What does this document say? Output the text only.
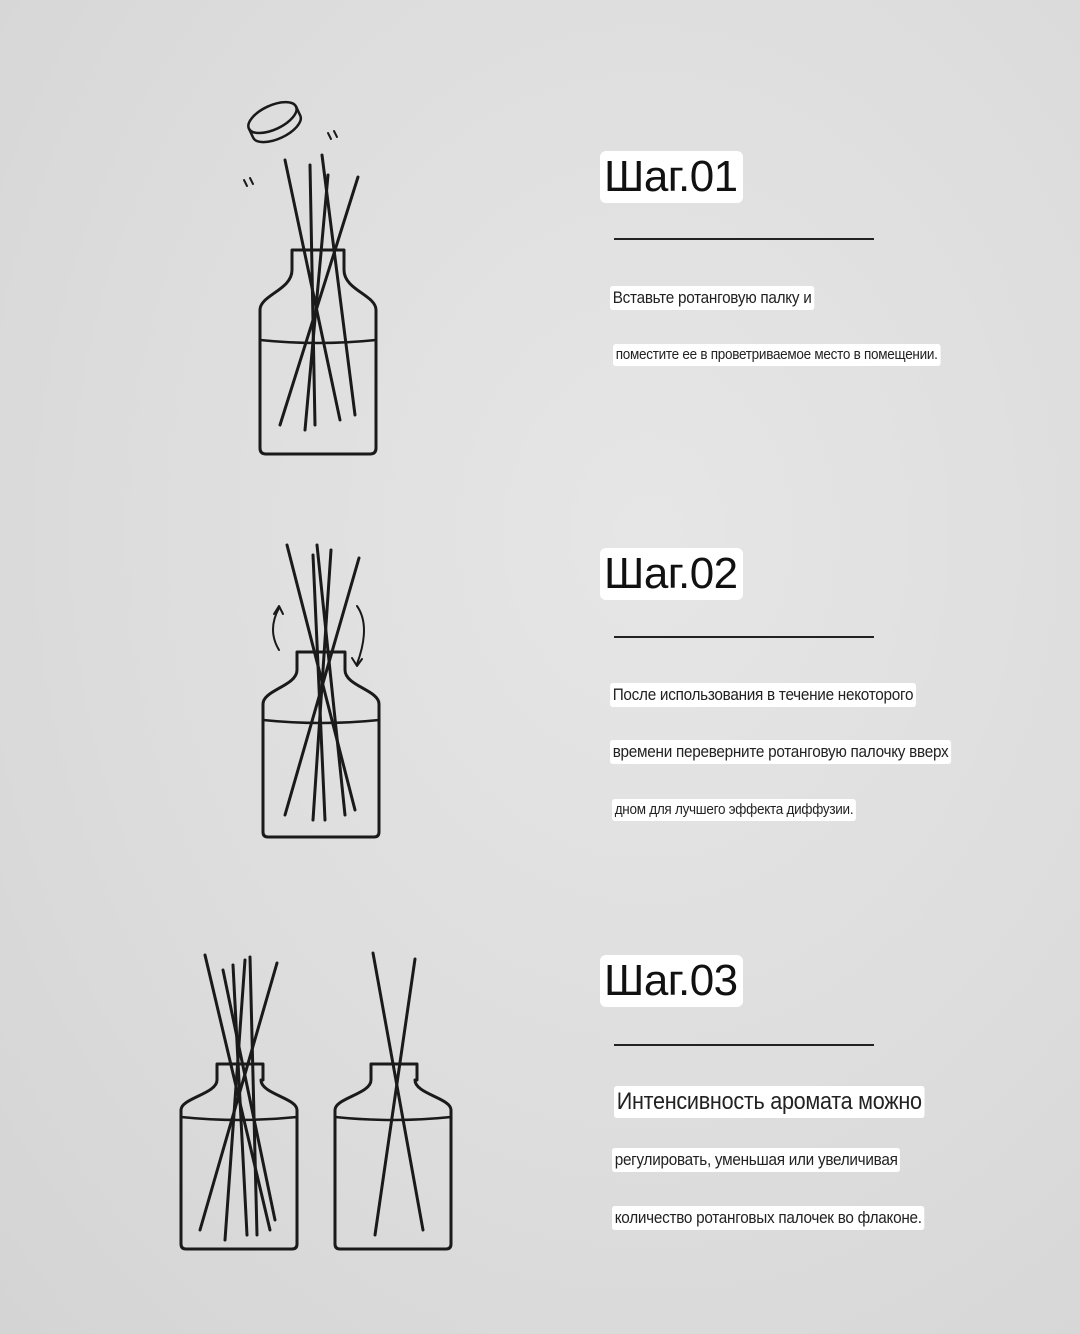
Шаг.01
Вставьте ротанговую палку и
поместите ее в проветриваемое место в помещении.
Шаг.02
После использования в течение некоторого
времени переверните ротанговую палочку вверх
дном для лучшего эффекта диффузии.
Шаг.03
Интенсивность аромата можно
регулировать, уменьшая или увеличивая
количество ротанговых палочек во флаконе.
